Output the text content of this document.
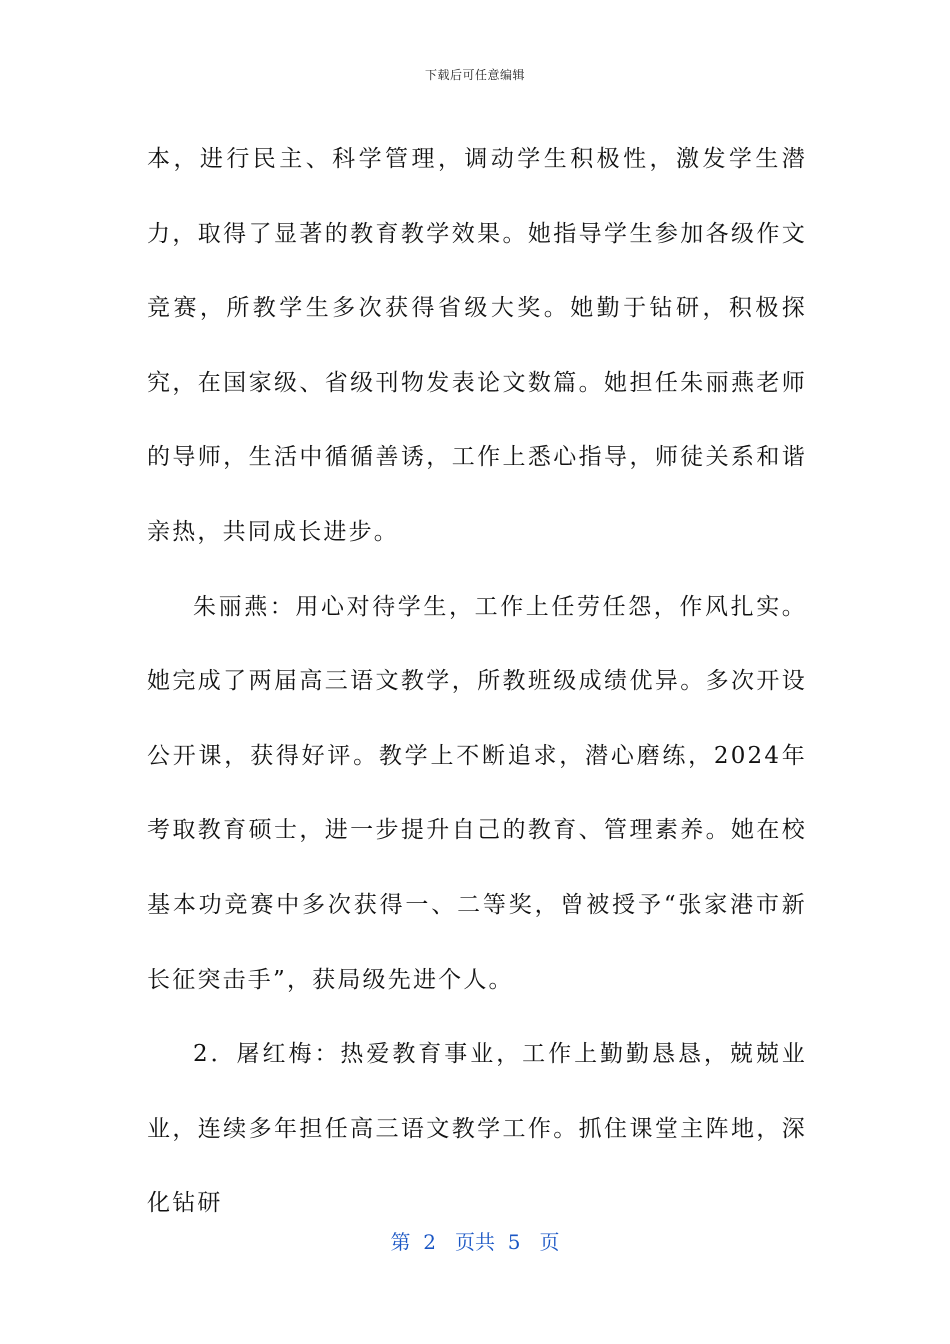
下载后可任意编辑

本，进行民主、科学管理，调动学生积极性，激发学生潜力，取得了显著的教育教学效果。她指导学生参加各级作文竞赛，所教学生多次获得省级大奖。她勤于钻研，积极探究，在国家级、省级刊物发表论文数篇。她担任朱丽燕老师的导师，生活中循循善诱，工作上悉心指导，师徒关系和谐亲热，共同成长进步。

朱丽燕：用心对待学生，工作上任劳任怨，作风扎实。她完成了两届高三语文教学，所教班级成绩优异。多次开设公开课，获得好评。教学上不断追求，潜心磨练，2024年考取教育硕士，进一步提升自己的教育、管理素养。她在校基本功竞赛中多次获得一、二等奖，曾被授予“张家港市新长征突击手”，获局级先进个人。

2．屠红梅：热爱教育事业，工作上勤勤恳恳，兢兢业业，连续多年担任高三语文教学工作。抓住课堂主阵地，深化钻研

第 2 页共 5 页
